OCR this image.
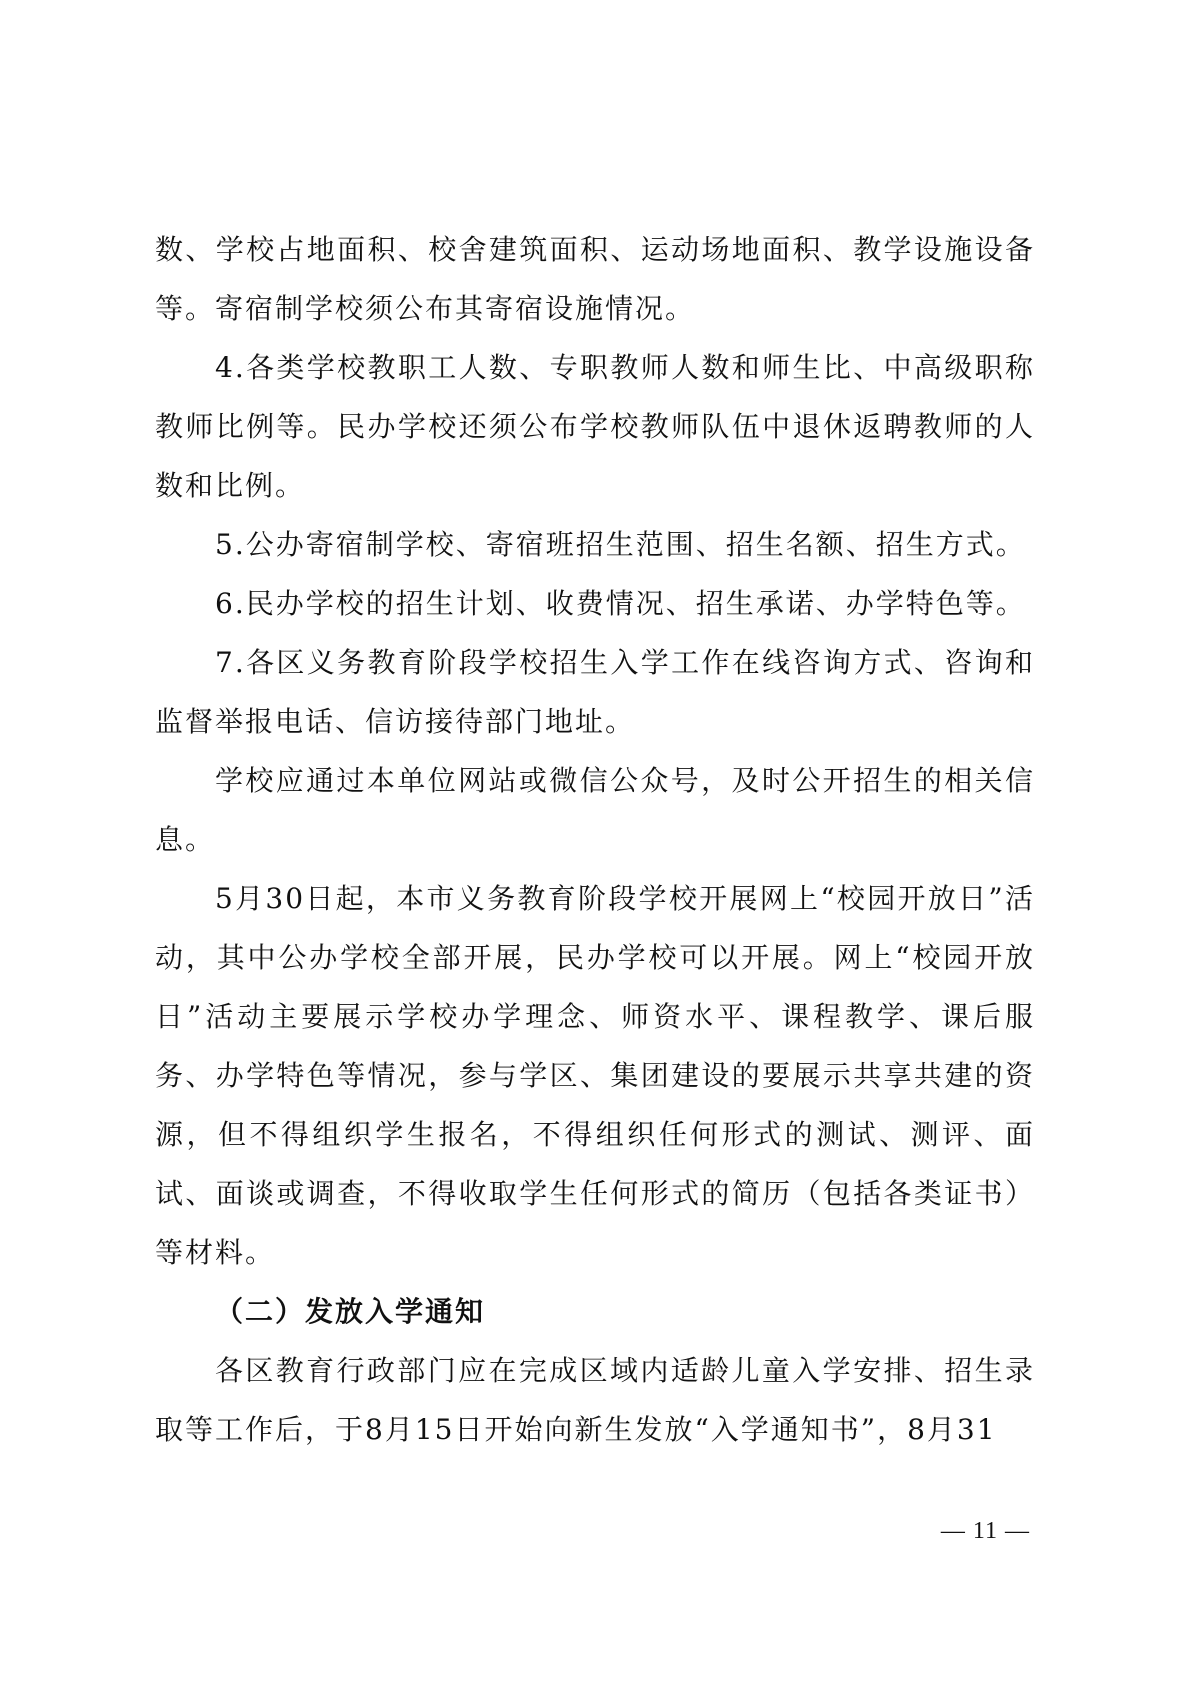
数、学校占地面积、校舍建筑面积、运动场地面积、教学设施设备等。寄宿制学校须公布其寄宿设施情况。

4.各类学校教职工人数、专职教师人数和师生比、中高级职称教师比例等。民办学校还须公布学校教师队伍中退休返聘教师的人数和比例。

5.公办寄宿制学校、寄宿班招生范围、招生名额、招生方式。

6.民办学校的招生计划、收费情况、招生承诺、办学特色等。

7.各区义务教育阶段学校招生入学工作在线咨询方式、咨询和监督举报电话、信访接待部门地址。

学校应通过本单位网站或微信公众号，及时公开招生的相关信息。

5月30日起，本市义务教育阶段学校开展网上“校园开放日”活动，其中公办学校全部开展，民办学校可以开展。网上“校园开放日”活动主要展示学校办学理念、师资水平、课程教学、课后服务、办学特色等情况，参与学区、集团建设的要展示共享共建的资源，但不得组织学生报名，不得组织任何形式的测试、测评、面试、面谈或调查，不得收取学生任何形式的简历（包括各类证书）等材料。

（二）发放入学通知

各区教育行政部门应在完成区域内适龄儿童入学安排、招生录取等工作后，于8月15日开始向新生发放“入学通知书”，8月31

— 11 —
